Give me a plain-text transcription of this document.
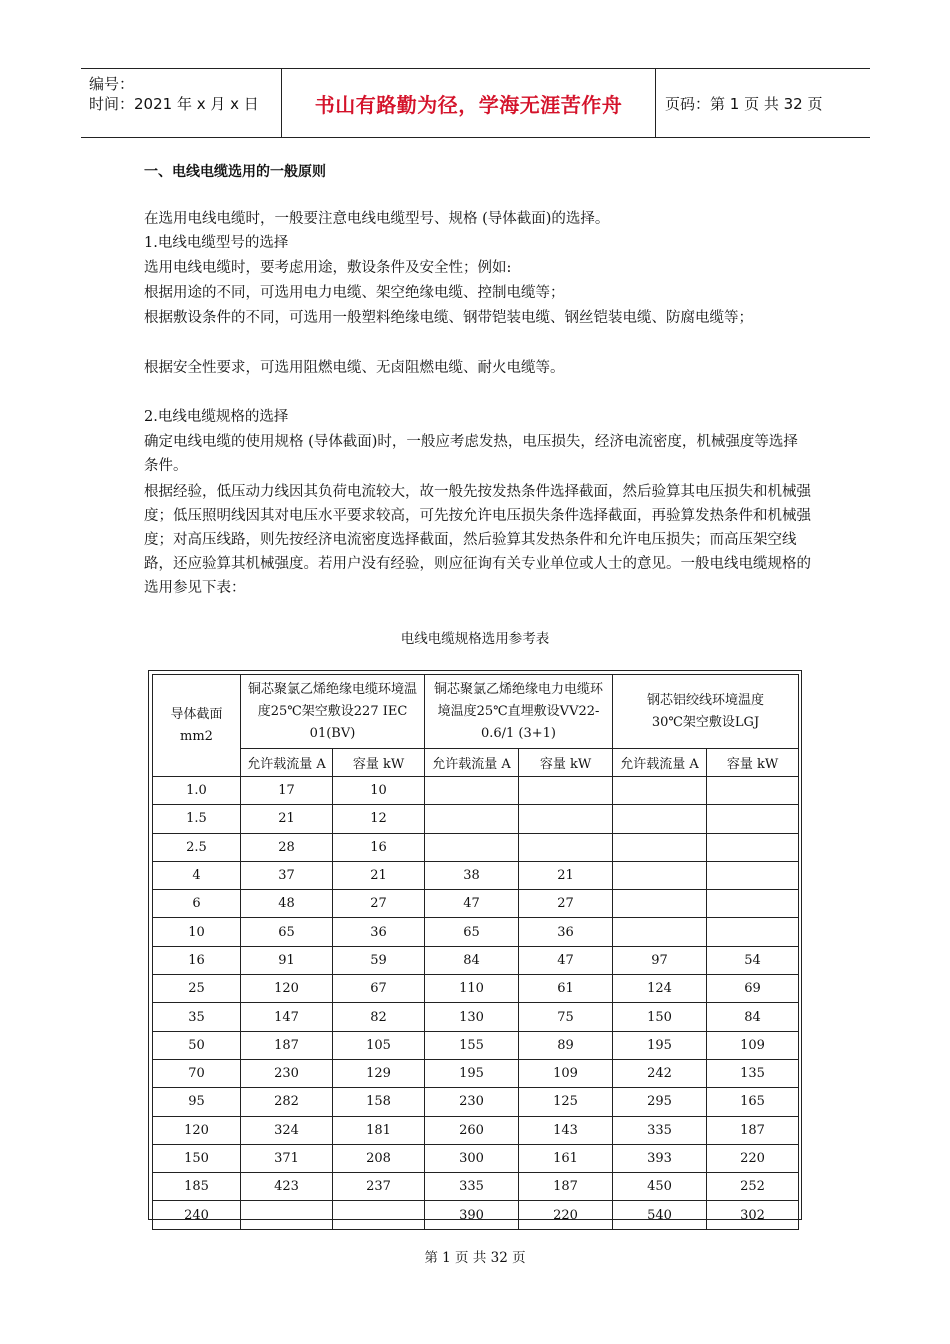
编号：
时间：2021 年 x 月 x 日	书山有路勤为径，学海无涯苦作舟	页码：第 1 页 共 32 页
一、电线电缆选用的一般原则
在选用电线电缆时，一般要注意电线电缆型号、规格 (导体截面)的选择。
1.电线电缆型号的选择
选用电线电缆时，要考虑用途，敷设条件及安全性；例如:
根据用途的不同，可选用电力电缆、架空绝缘电缆、控制电缆等；
根据敷设条件的不同，可选用一般塑料绝缘电缆、钢带铠装电缆、钢丝铠装电缆、防腐电缆等；
根据安全性要求，可选用阻燃电缆、无卤阻燃电缆、耐火电缆等。
2.电线电缆规格的选择
确定电线电缆的使用规格 (导体截面)时，一般应考虑发热，电压损失，经济电流密度，机械强度等选择条件。
根据经验，低压动力线因其负荷电流较大，故一般先按发热条件选择截面，然后验算其电压损失和机械强度；低压照明线因其对电压水平要求较高，可先按允许电压损失条件选择截面，再验算发热条件和机械强度；对高压线路，则先按经济电流密度选择截面，然后验算其发热条件和允许电压损失；而高压架空线路，还应验算其机械强度。若用户没有经验，则应征询有关专业单位或人士的意见。一般电线电缆规格的选用参见下表：
电线电缆规格选用参考表
导体截面mm2	铜芯聚氯乙烯绝缘电缆环境温度25℃架空敷设227 IEC 01(BV)		铜芯聚氯乙烯绝缘电力电缆环境温度25℃直埋敷设VV22-0.6/1 (3+1)		钢芯铝绞线环境温度30℃架空敷设LGJ	
	允许载流量 A	容量 kW	允许载流量 A	容量 kW	允许载流量 A	容量 kW
1.0	17	10				
1.5	21	12				
2.5	28	16				
4	37	21	38	21		
6	48	27	47	27		
10	65	36	65	36		
16	91	59	84	47	97	54
25	120	67	110	61	124	69
35	147	82	130	75	150	84
50	187	105	155	89	195	109
70	230	129	195	109	242	135
95	282	158	230	125	295	165
120	324	181	260	143	335	187
150	371	208	300	161	393	220
185	423	237	335	187	450	252
240			390	220	540	302
第 1 页 共 32 页
